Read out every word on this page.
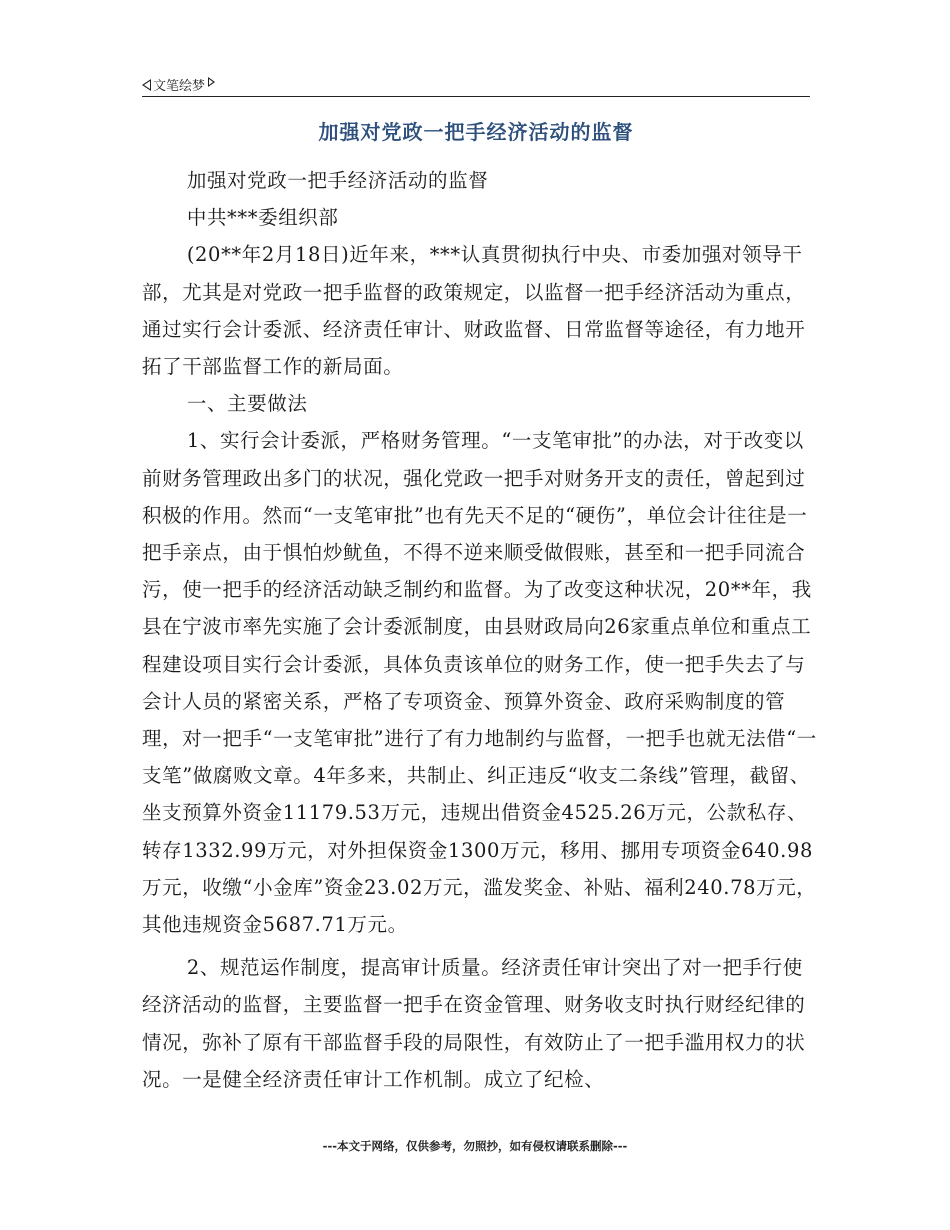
文笔绘梦
加强对党政一把手经济活动的监督

加强对党政一把手经济活动的监督

中共***委组织部

(20**年2月18日)近年来，***认真贯彻执行中央、市委加强对领导干部，尤其是对党政一把手监督的政策规定，以监督一把手经济活动为重点，通过实行会计委派、经济责任审计、财政监督、日常监督等途径，有力地开拓了干部监督工作的新局面。

一、主要做法

1、实行会计委派，严格财务管理。“一支笔审批”的办法，对于改变以前财务管理政出多门的状况，强化党政一把手对财务开支的责任，曾起到过积极的作用。然而“一支笔审批”也有先天不足的“硬伤”，单位会计往往是一把手亲点，由于惧怕炒鱿鱼，不得不逆来顺受做假账，甚至和一把手同流合污，使一把手的经济活动缺乏制约和监督。为了改变这种状况，20**年，我县在宁波市率先实施了会计委派制度，由县财政局向26家重点单位和重点工程建设项目实行会计委派，具体负责该单位的财务工作，使一把手失去了与会计人员的紧密关系，严格了专项资金、预算外资金、政府采购制度的管理，对一把手“一支笔审批”进行了有力地制约与监督，一把手也就无法借“一支笔”做腐败文章。4年多来，共制止、纠正违反“收支二条线”管理，截留、坐支预算外资金11179.53万元，违规出借资金4525.26万元，公款私存、转存1332.99万元，对外担保资金1300万元，移用、挪用专项资金640.98万元，收缴“小金库”资金23.02万元，滥发奖金、补贴、福利240.78万元，其他违规资金5687.71万元。

2、规范运作制度，提高审计质量。经济责任审计突出了对一把手行使经济活动的监督，主要监督一把手在资金管理、财务收支时执行财经纪律的情况，弥补了原有干部监督手段的局限性，有效防止了一把手滥用权力的状况。一是健全经济责任审计工作机制。成立了纪检、

---本文于网络，仅供参考，勿照抄，如有侵权请联系删除---
